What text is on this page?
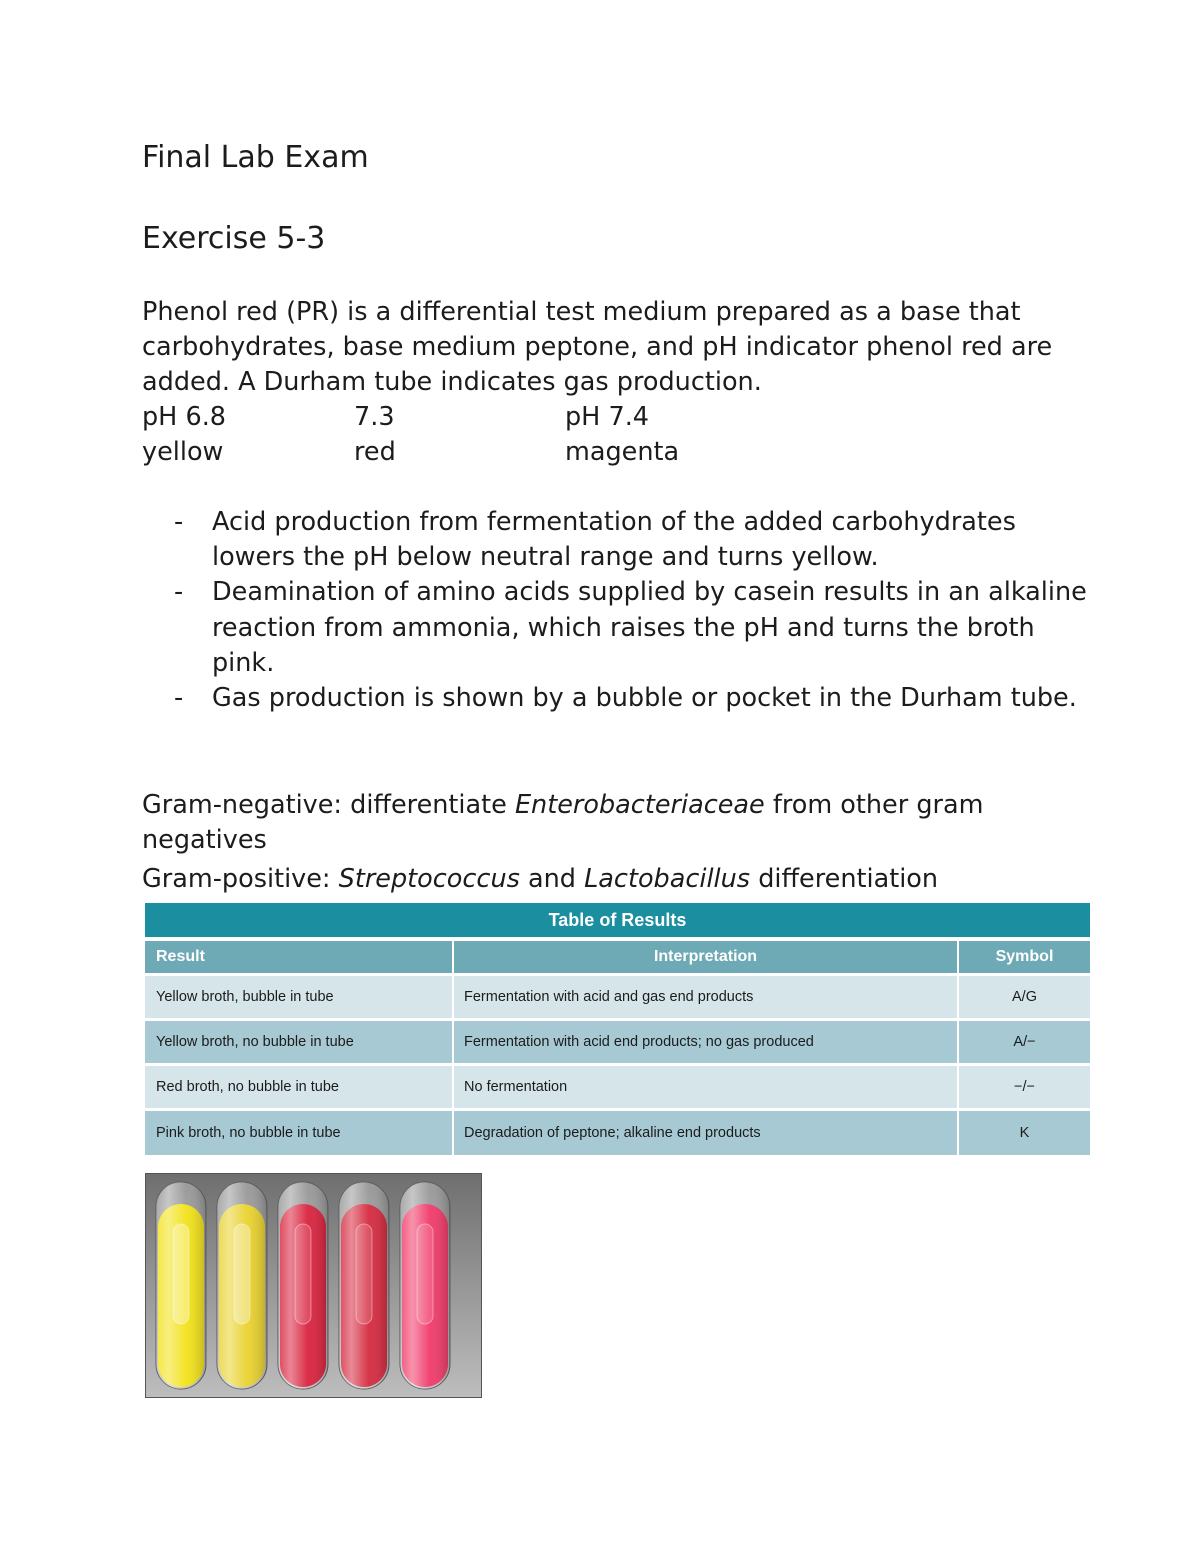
Final Lab Exam
Exercise 5-3

Phenol red (PR) is a differential test medium prepared as a base that carbohydrates, base medium peptone, and pH indicator phenol red are added. A Durham tube indicates gas production.

pH 6.8	7.3	pH 7.4
yellow	red	magenta
- Acid production from fermentation of the added carbohydrates lowers the pH below neutral range and turns yellow.
- Deamination of amino acids supplied by casein results in an alkaline reaction from ammonia, which raises the pH and turns the broth pink.
- Gas production is shown by a bubble or pocket in the Durham tube.

Gram-negative: differentiate Enterobacteriaceae from other gram negatives

Gram-positive: Streptococcus and Lactobacillus differentiation

Table of Results
Result	Interpretation	Symbol
Yellow broth, bubble in tube	Fermentation with acid and gas end products	A/G
Yellow broth, no bubble in tube	Fermentation with acid end products; no gas produced	A/−
Red broth, no bubble in tube	No fermentation	−/−
Pink broth, no bubble in tube	Degradation of peptone; alkaline end products	K
